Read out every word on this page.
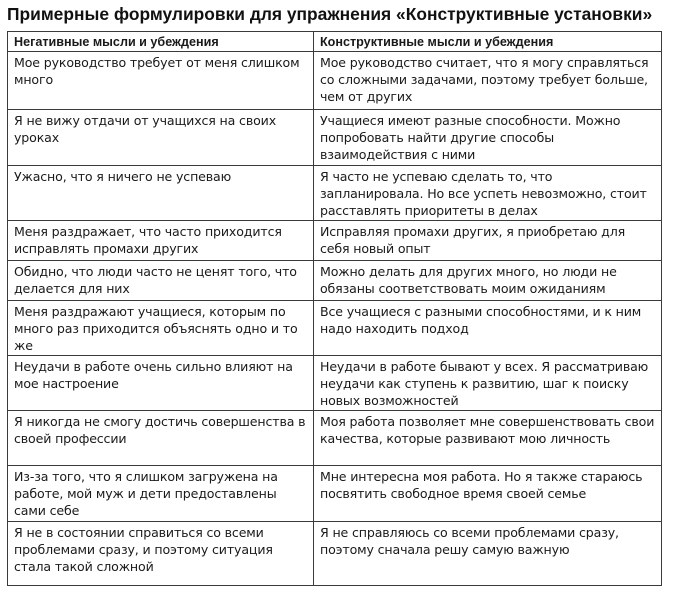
Примерные формулировки для упражнения «Конструктивные установки»
Негативные мысли и убеждения	Конструктивные мысли и убеждения
Мое руководство требует от меня слишком много	Мое руководство считает, что я могу справляться со сложными задачами, поэтому требует больше, чем от других
Я не вижу отдачи от учащихся на своих уроках	Учащиеся имеют разные способности. Можно попробовать найти другие способы взаимодействия с ними
Ужасно, что я ничего не успеваю	Я часто не успеваю сделать то, что запланировала. Но все успеть невозможно, стоит расставлять приоритеты в делах
Меня раздражает, что часто приходится исправлять промахи других	Исправляя промахи других, я приобретаю для себя новый опыт
Обидно, что люди часто не ценят того, что делается для них	Можно делать для других много, но люди не обязаны соответствовать моим ожиданиям
Меня раздражают учащиеся, которым по много раз приходится объяснять одно и то же	Все учащиеся с разными способностями, и к ним надо находить подход
Неудачи в работе очень сильно влияют на мое настроение	Неудачи в работе бывают у всех. Я рассматриваю неудачи как ступень к развитию, шаг к поиску новых возможностей
Я никогда не смогу достичь совершенства в своей профессии	Моя работа позволяет мне совершенствовать свои качества, которые развивают мою личность
Из-за того, что я слишком загружена на работе, мой муж и дети предоставлены сами себе	Мне интересна моя работа. Но я также стараюсь посвятить свободное время своей семье
Я не в состоянии справиться со всеми проблемами сразу, и поэтому ситуация стала такой сложной	Я не справляюсь со всеми проблемами сразу, поэтому сначала решу самую важную
